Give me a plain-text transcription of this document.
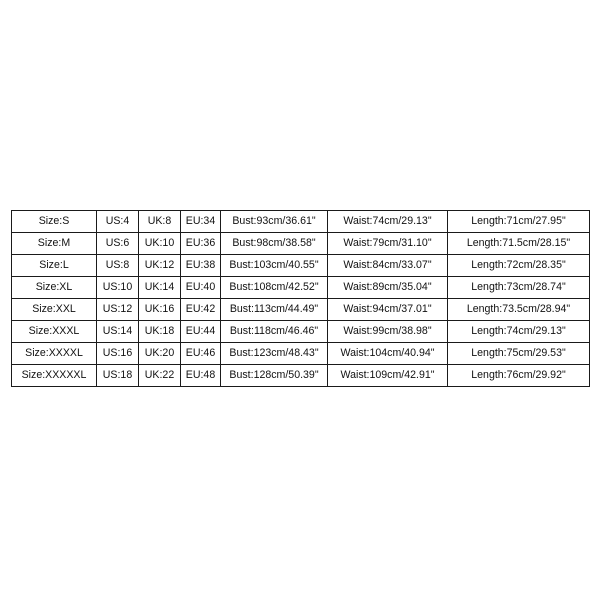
Size:S	US:4	UK:8	EU:34	Bust:93cm/36.61"	Waist:74cm/29.13"	Length:71cm/27.95"
Size:M	US:6	UK:10	EU:36	Bust:98cm/38.58"	Waist:79cm/31.10"	Length:71.5cm/28.15"
Size:L	US:8	UK:12	EU:38	Bust:103cm/40.55"	Waist:84cm/33.07"	Length:72cm/28.35"
Size:XL	US:10	UK:14	EU:40	Bust:108cm/42.52"	Waist:89cm/35.04"	Length:73cm/28.74"
Size:XXL	US:12	UK:16	EU:42	Bust:113cm/44.49"	Waist:94cm/37.01"	Length:73.5cm/28.94"
Size:XXXL	US:14	UK:18	EU:44	Bust:118cm/46.46"	Waist:99cm/38.98"	Length:74cm/29.13"
Size:XXXXL	US:16	UK:20	EU:46	Bust:123cm/48.43"	Waist:104cm/40.94"	Length:75cm/29.53"
Size:XXXXXL	US:18	UK:22	EU:48	Bust:128cm/50.39"	Waist:109cm/42.91"	Length:76cm/29.92"
